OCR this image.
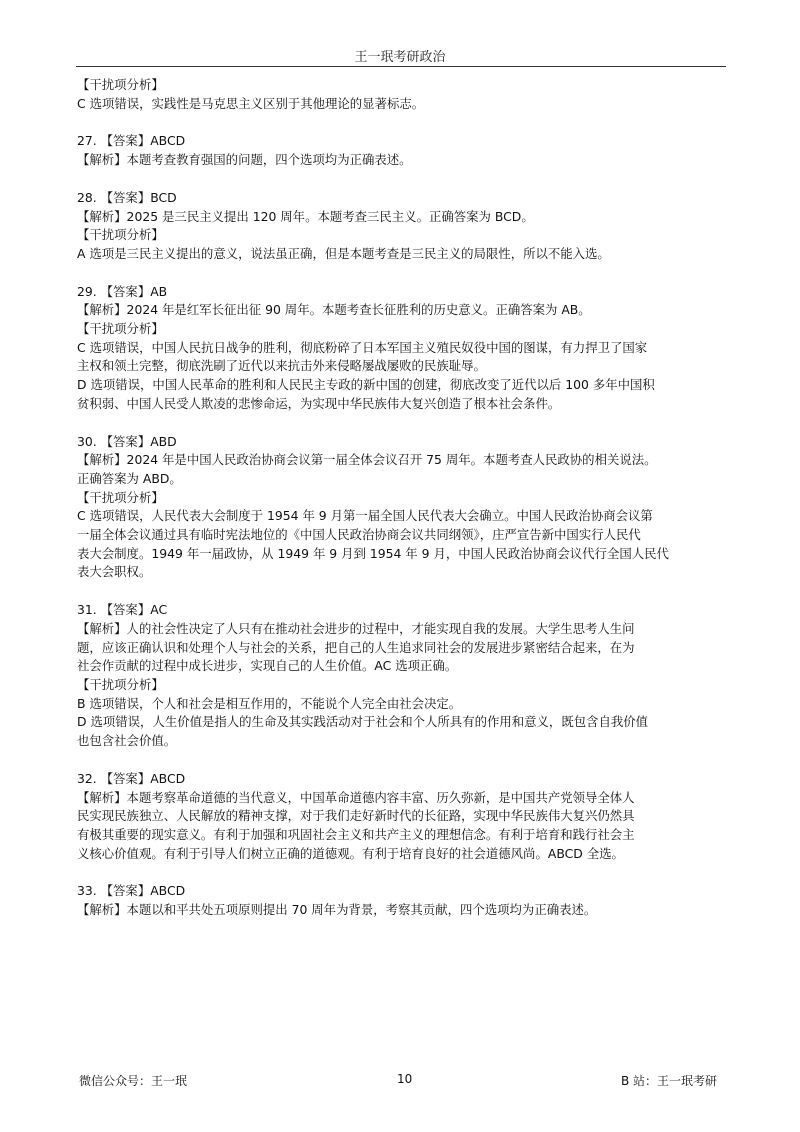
王一珉考研政治
【干扰项分析】
C 选项错误，实践性是马克思主义区别于其他理论的显著标志。
27. 【答案】ABCD
【解析】本题考查教育强国的问题，四个选项均为正确表述。
28. 【答案】BCD
【解析】2025 是三民主义提出 120 周年。本题考查三民主义。正确答案为 BCD。
【干扰项分析】
A 选项是三民主义提出的意义，说法虽正确，但是本题考查是三民主义的局限性，所以不能入选。
29. 【答案】AB
【解析】2024 年是红军长征出征 90 周年。本题考查长征胜利的历史意义。正确答案为 AB。
【干扰项分析】
C 选项错误，中国人民抗日战争的胜利，彻底粉碎了日本军国主义殖民奴役中国的图谋，有力捍卫了国家
主权和领土完整，彻底洗刷了近代以来抗击外来侵略屡战屡败的民族耻辱。
D 选项错误，中国人民革命的胜利和人民民主专政的新中国的创建，彻底改变了近代以后 100 多年中国积
贫积弱、中国人民受人欺凌的悲惨命运，为实现中华民族伟大复兴创造了根本社会条件。
30. 【答案】ABD
【解析】2024 年是中国人民政治协商会议第一届全体会议召开 75 周年。本题考查人民政协的相关说法。
正确答案为 ABD。
【干扰项分析】
C 选项错误，人民代表大会制度于 1954 年 9 月第一届全国人民代表大会确立。中国人民政治协商会议第
一届全体会议通过具有临时宪法地位的《中国人民政治协商会议共同纲领》，庄严宣告新中国实行人民代
表大会制度。1949 年一届政协，从 1949 年 9 月到 1954 年 9 月，中国人民政治协商会议代行全国人民代
表大会职权。
31. 【答案】AC
【解析】人的社会性决定了人只有在推动社会进步的过程中，才能实现自我的发展。大学生思考人生问
题，应该正确认识和处理个人与社会的关系，把自己的人生追求同社会的发展进步紧密结合起来，在为
社会作贡献的过程中成长进步，实现自己的人生价值。AC 选项正确。
【干扰项分析】
B 选项错误，个人和社会是相互作用的，不能说个人完全由社会决定。
D 选项错误，人生价值是指人的生命及其实践活动对于社会和个人所具有的作用和意义，既包含自我价值
也包含社会价值。
32. 【答案】ABCD
【解析】本题考察革命道德的当代意义，中国革命道德内容丰富、历久弥新，是中国共产党领导全体人
民实现民族独立、人民解放的精神支撑，对于我们走好新时代的长征路，实现中华民族伟大复兴仍然具
有极其重要的现实意义。有利于加强和巩固社会主义和共产主义的理想信念。有利于培育和践行社会主
义核心价值观。有利于引导人们树立正确的道德观。有利于培育良好的社会道德风尚。ABCD 全选。
33. 【答案】ABCD
【解析】本题以和平共处五项原则提出 70 周年为背景，考察其贡献，四个选项均为正确表述。
微信公众号：王一珉	10	B 站：王一珉考研
